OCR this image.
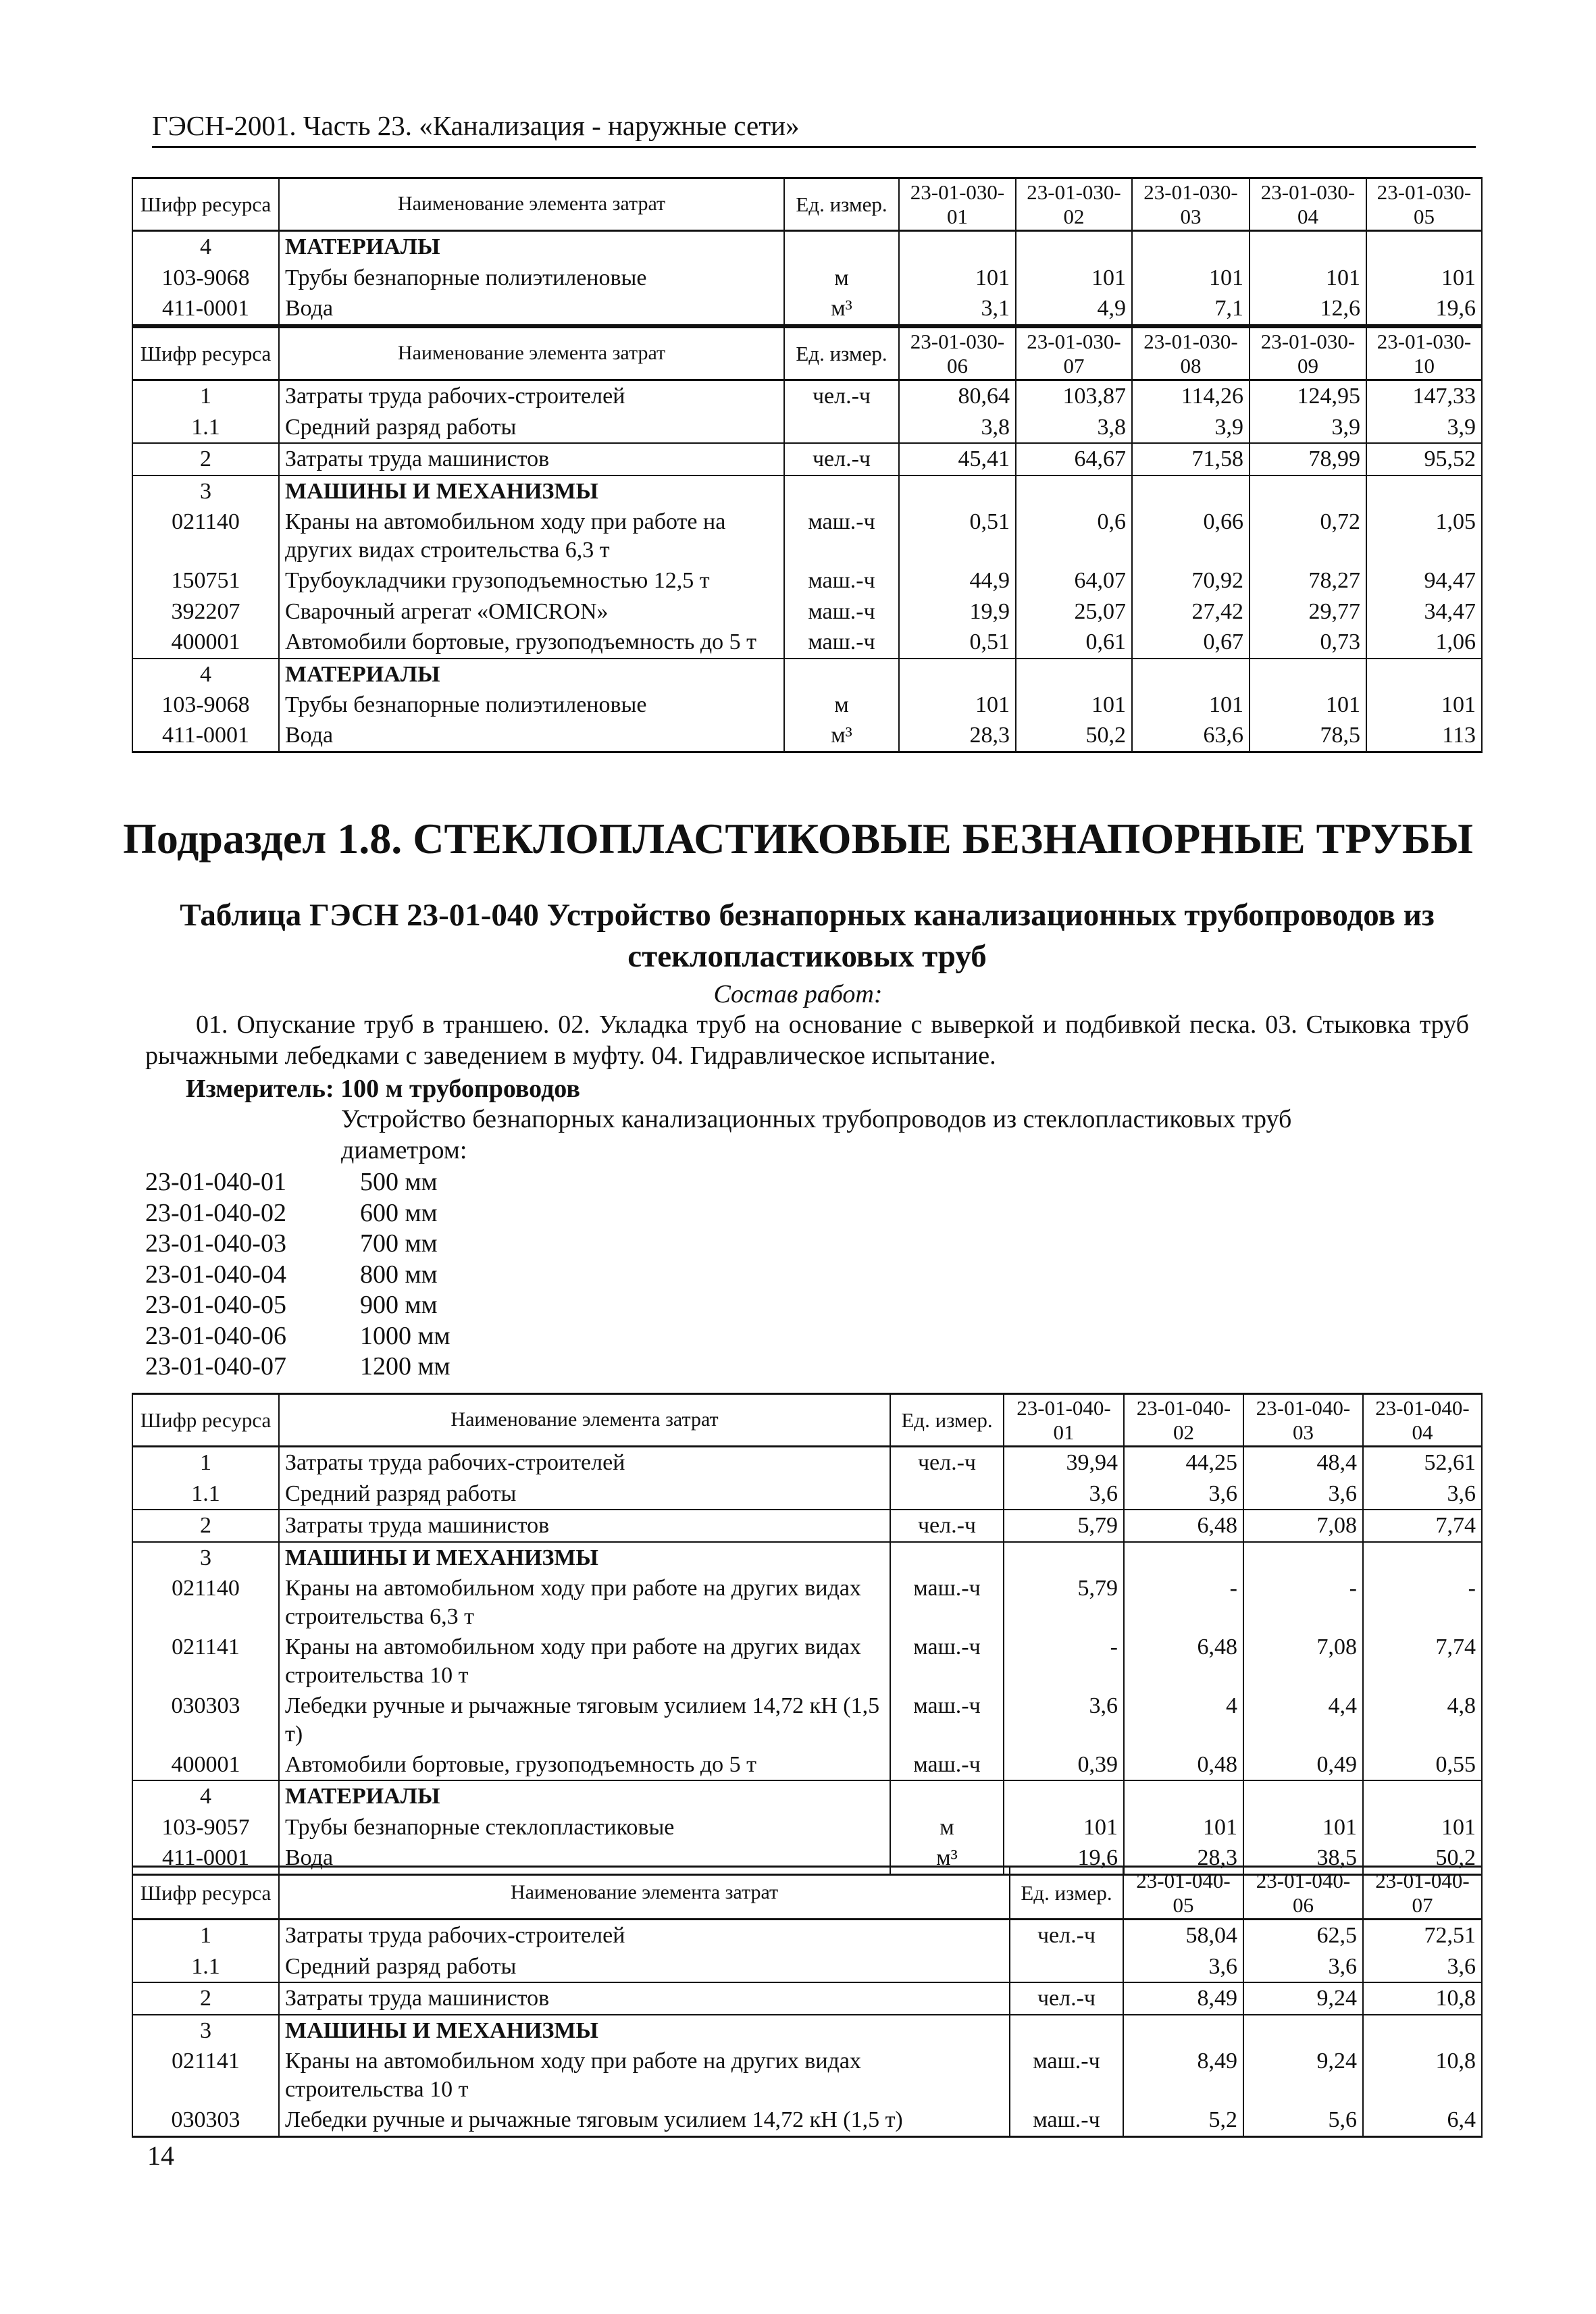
ГЭСН-2001. Часть 23. «Канализация - наружные сети»
Шифр ресурса	Наименование элемента затрат	Ед. измер.	23-01-030-01	23-01-030-02	23-01-030-03	23-01-030-04	23-01-030-05
4	МАТЕРИАЛЫ						
103-9068	Трубы безнапорные полиэтиленовые	м	101	101	101	101	101
411-0001	Вода	м³	3,1	4,9	7,1	12,6	19,6
Шифр ресурса	Наименование элемента затрат	Ед. измер.	23-01-030-06	23-01-030-07	23-01-030-08	23-01-030-09	23-01-030-10
1	Затраты труда рабочих-строителей	чел.-ч	80,64	103,87	114,26	124,95	147,33
1.1	Средний разряд работы		3,8	3,8	3,9	3,9	3,9
2	Затраты труда машинистов	чел.-ч	45,41	64,67	71,58	78,99	95,52
3	МАШИНЫ И МЕХАНИЗМЫ						
021140	Краны на автомобильном ходу при работе на других видах строительства 6,3 т	маш.-ч	0,51	0,6	0,66	0,72	1,05
150751	Трубоукладчики грузоподъемностью 12,5 т	маш.-ч	44,9	64,07	70,92	78,27	94,47
392207	Сварочный агрегат «OMICRON»	маш.-ч	19,9	25,07	27,42	29,77	34,47
400001	Автомобили бортовые, грузоподъемность до 5 т	маш.-ч	0,51	0,61	0,67	0,73	1,06
4	МАТЕРИАЛЫ						
103-9068	Трубы безнапорные полиэтиленовые	м	101	101	101	101	101
411-0001	Вода	м³	28,3	50,2	63,6	78,5	113
Подраздел 1.8. СТЕКЛОПЛАСТИКОВЫЕ БЕЗНАПОРНЫЕ ТРУБЫ
Таблица ГЭСН 23-01-040 Устройство безнапорных канализационных трубопроводов из стеклопластиковых труб
Состав работ:
01. Опускание труб в траншею. 02. Укладка труб на основание с выверкой и подбивкой песка. 03. Стыковка труб рычажными лебедками с заведением в муфту. 04. Гидравлическое испытание.
Измеритель: 100 м трубопроводов
Устройство безнапорных канализационных трубопроводов из стеклопластиковых труб диаметром:
23-01-040-01	500 мм
23-01-040-02	600 мм
23-01-040-03	700 мм
23-01-040-04	800 мм
23-01-040-05	900 мм
23-01-040-06	1000 мм
23-01-040-07	1200 мм
Шифр ресурса	Наименование элемента затрат	Ед. измер.	23-01-040-01	23-01-040-02	23-01-040-03	23-01-040-04
1	Затраты труда рабочих-строителей	чел.-ч	39,94	44,25	48,4	52,61
1.1	Средний разряд работы		3,6	3,6	3,6	3,6
2	Затраты труда машинистов	чел.-ч	5,79	6,48	7,08	7,74
3	МАШИНЫ И МЕХАНИЗМЫ					
021140	Краны на автомобильном ходу при работе на других видах строительства 6,3 т	маш.-ч	5,79	-	-	-
021141	Краны на автомобильном ходу при работе на других видах строительства 10 т	маш.-ч	-	6,48	7,08	7,74
030303	Лебедки ручные и рычажные тяговым усилием 14,72 кН (1,5 т)	маш.-ч	3,6	4	4,4	4,8
400001	Автомобили бортовые, грузоподъемность до 5 т	маш.-ч	0,39	0,48	0,49	0,55
4	МАТЕРИАЛЫ					
103-9057	Трубы безнапорные стеклопластиковые	м	101	101	101	101
411-0001	Вода	м³	19,6	28,3	38,5	50,2
Шифр ресурса	Наименование элемента затрат	Ед. измер.	23-01-040-05	23-01-040-06	23-01-040-07
1	Затраты труда рабочих-строителей	чел.-ч	58,04	62,5	72,51
1.1	Средний разряд работы		3,6	3,6	3,6
2	Затраты труда машинистов	чел.-ч	8,49	9,24	10,8
3	МАШИНЫ И МЕХАНИЗМЫ				
021141	Краны на автомобильном ходу при работе на других видах строительства 10 т	маш.-ч	8,49	9,24	10,8
030303	Лебедки ручные и рычажные тяговым усилием 14,72 кН (1,5 т)	маш.-ч	5,2	5,6	6,4
14
